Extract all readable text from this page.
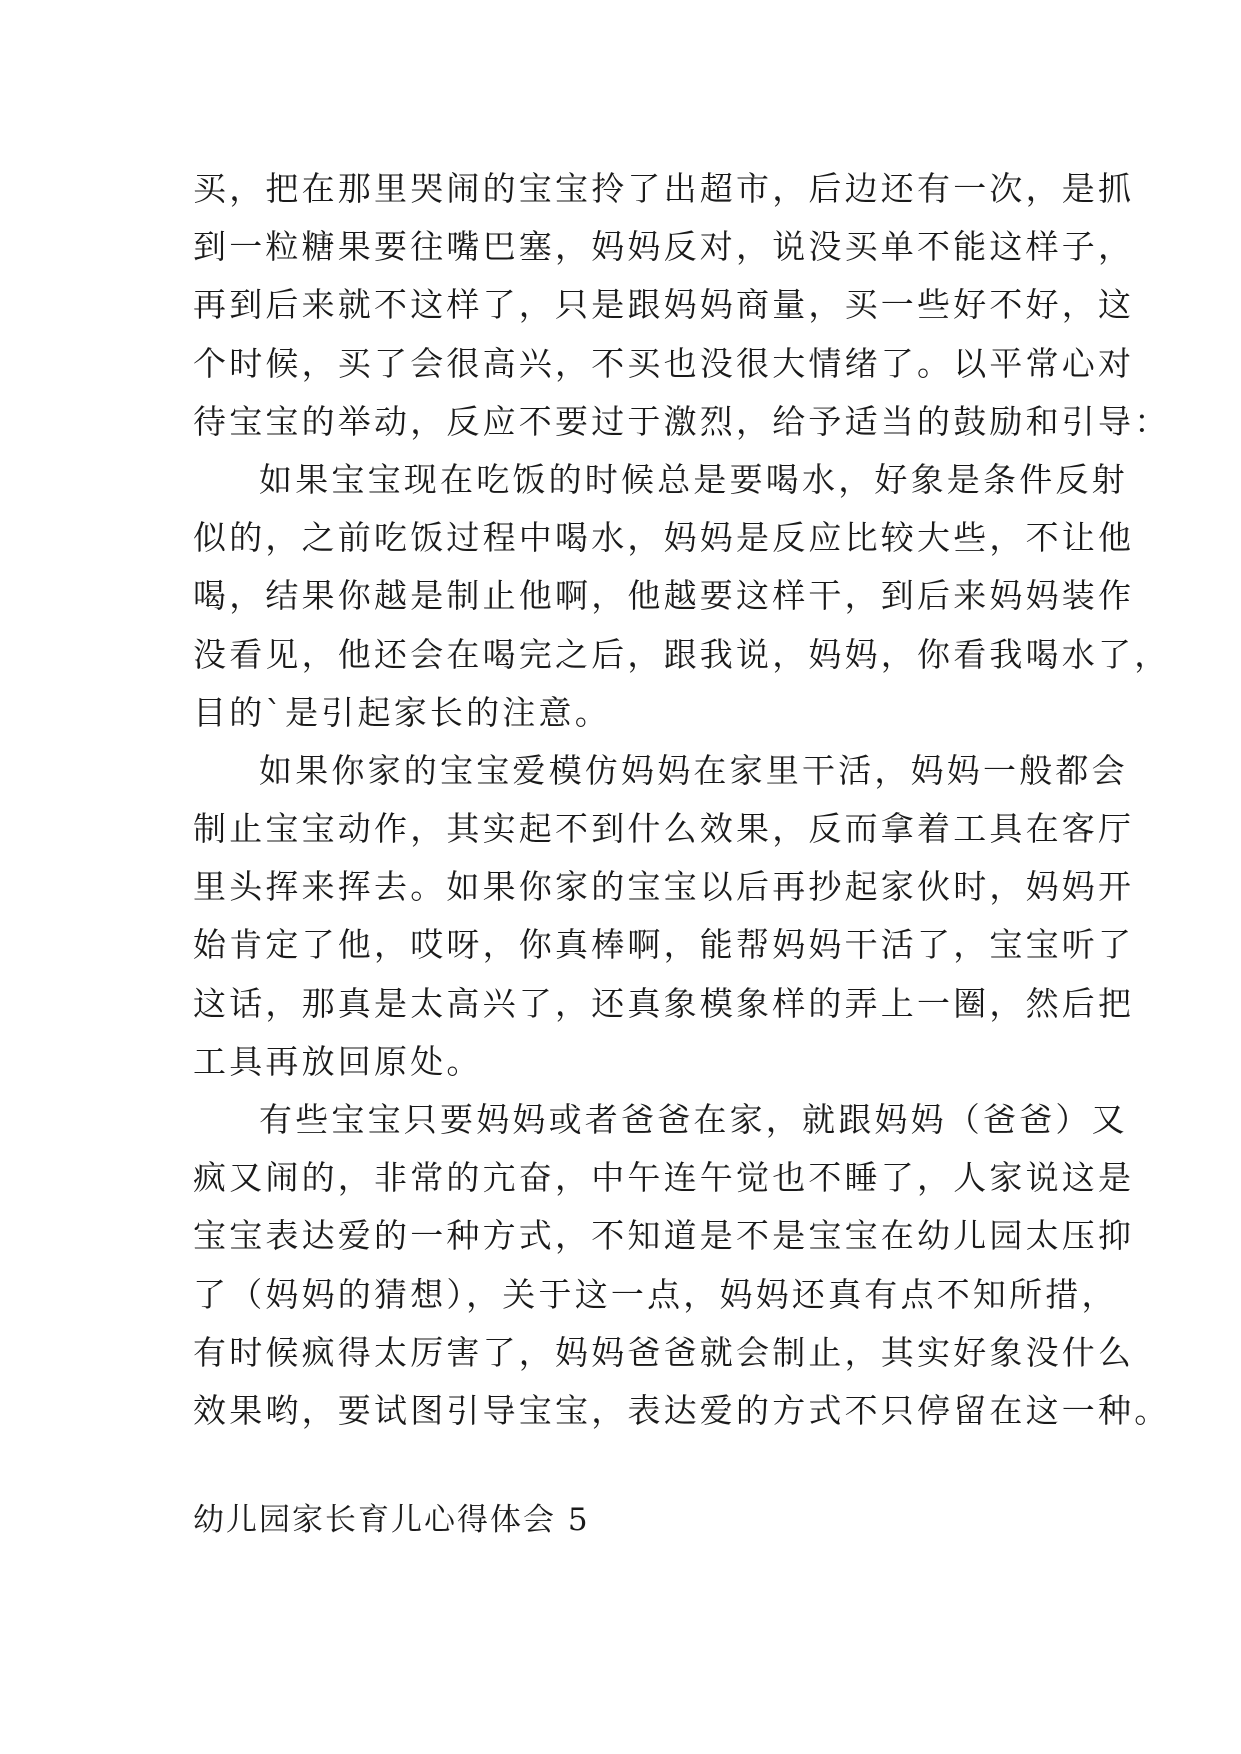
买，把在那里哭闹的宝宝拎了出超市，后边还有一次，是抓
到一粒糖果要往嘴巴塞，妈妈反对，说没买单不能这样子，
再到后来就不这样了，只是跟妈妈商量，买一些好不好，这
个时候，买了会很高兴，不买也没很大情绪了。以平常心对
待宝宝的举动，反应不要过于激烈，给予适当的鼓励和引导：

如果宝宝现在吃饭的时候总是要喝水，好象是条件反射
似的，之前吃饭过程中喝水，妈妈是反应比较大些，不让他
喝，结果你越是制止他啊，他越要这样干，到后来妈妈装作
没看见，他还会在喝完之后，跟我说，妈妈，你看我喝水了，
目的`是引起家长的注意。

如果你家的宝宝爱模仿妈妈在家里干活，妈妈一般都会
制止宝宝动作，其实起不到什么效果，反而拿着工具在客厅
里头挥来挥去。如果你家的宝宝以后再抄起家伙时，妈妈开
始肯定了他，哎呀，你真棒啊，能帮妈妈干活了，宝宝听了
这话，那真是太高兴了，还真象模象样的弄上一圈，然后把
工具再放回原处。

有些宝宝只要妈妈或者爸爸在家，就跟妈妈（爸爸）又
疯又闹的，非常的亢奋，中午连午觉也不睡了，人家说这是
宝宝表达爱的一种方式，不知道是不是宝宝在幼儿园太压抑
了（妈妈的猜想），关于这一点，妈妈还真有点不知所措，
有时候疯得太厉害了，妈妈爸爸就会制止，其实好象没什么
效果哟，要试图引导宝宝，表达爱的方式不只停留在这一种。

幼儿园家长育儿心得体会 5
